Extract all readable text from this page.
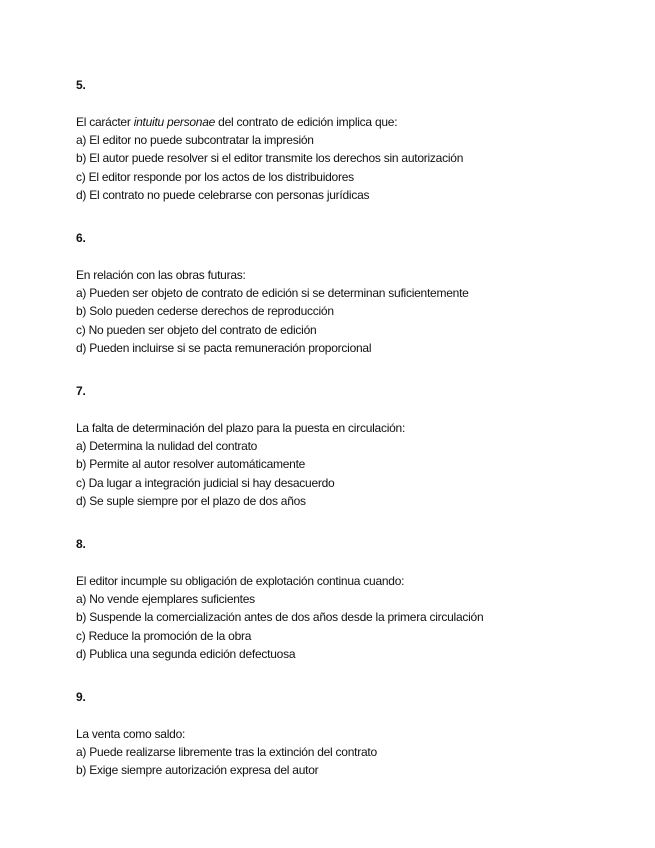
5.

El carácter intuitu personae del contrato de edición implica que:

a) El editor no puede subcontratar la impresión

b) El autor puede resolver si el editor transmite los derechos sin autorización

c) El editor responde por los actos de los distribuidores

d) El contrato no puede celebrarse con personas jurídicas

6.

En relación con las obras futuras:

a) Pueden ser objeto de contrato de edición si se determinan suficientemente

b) Solo pueden cederse derechos de reproducción

c) No pueden ser objeto del contrato de edición

d) Pueden incluirse si se pacta remuneración proporcional

7.

La falta de determinación del plazo para la puesta en circulación:

a) Determina la nulidad del contrato

b) Permite al autor resolver automáticamente

c) Da lugar a integración judicial si hay desacuerdo

d) Se suple siempre por el plazo de dos años

8.

El editor incumple su obligación de explotación continua cuando:

a) No vende ejemplares suficientes

b) Suspende la comercialización antes de dos años desde la primera circulación

c) Reduce la promoción de la obra

d) Publica una segunda edición defectuosa

9.

La venta como saldo:

a) Puede realizarse libremente tras la extinción del contrato

b) Exige siempre autorización expresa del autor
